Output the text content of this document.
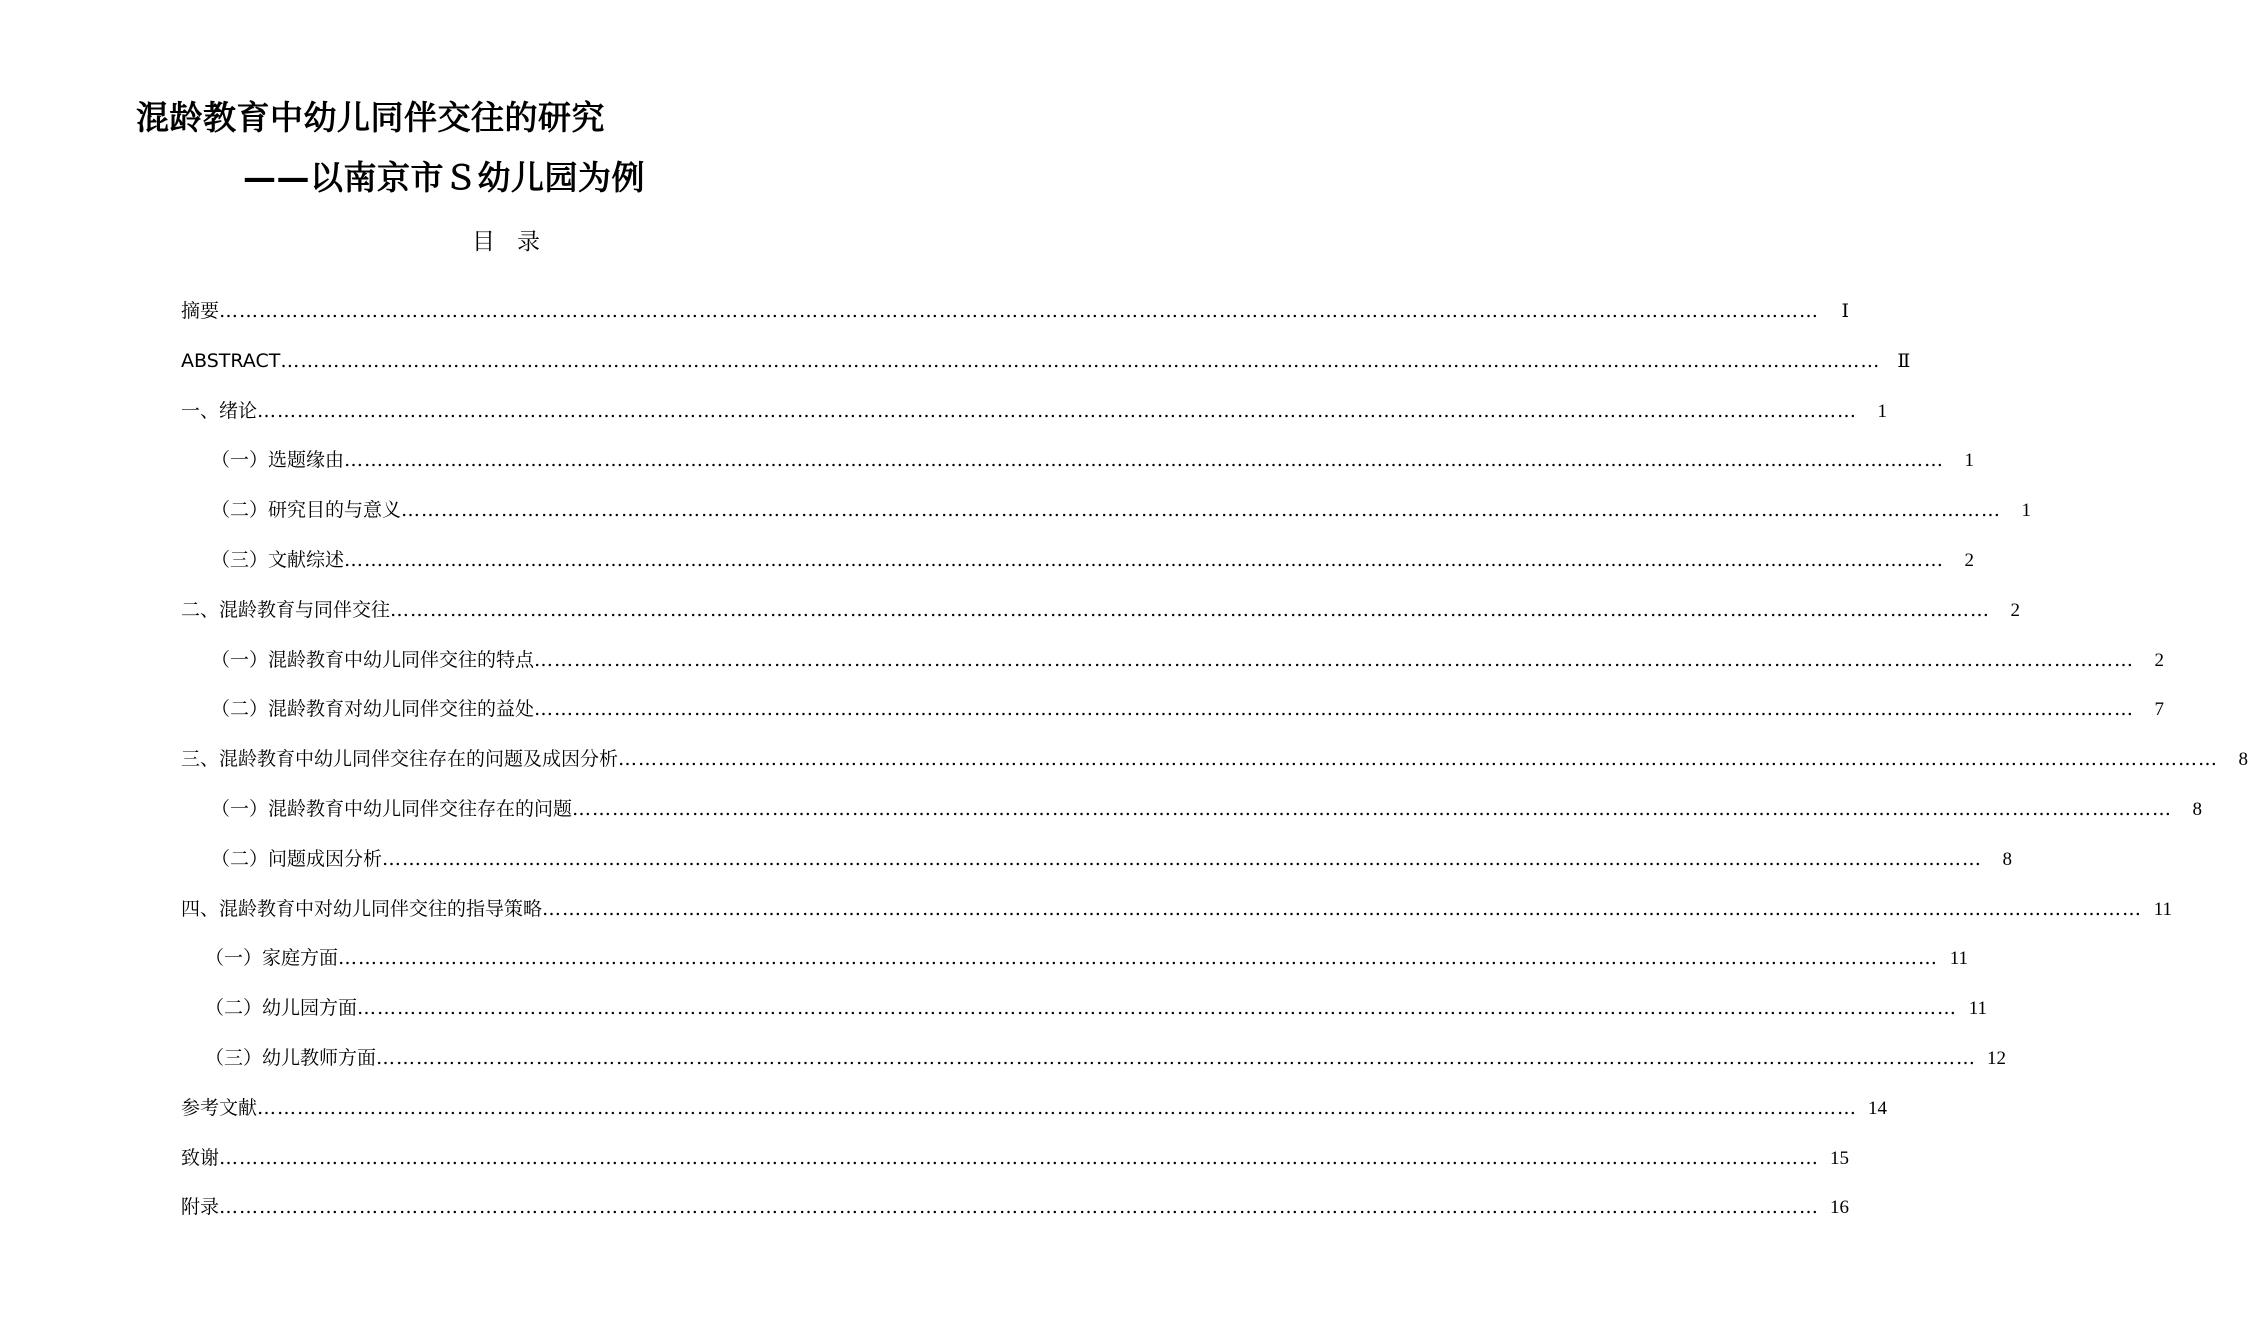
混龄教育中幼儿同伴交往的研究
——以南京市Ｓ幼儿园为例
目录
摘要 ……………………………………………………………………………………………………………………………………………………………………………………………………………………	Ⅰ
ABSTRACT …………………………………………………………………………………………………………………………………………………………………………………………………………………… Ⅱ
一、绪论 ……………………………………………………………………………………………………………………………………………………………………………………………………………………	1
（一）选题缘由 ……………………………………………………………………………………………………………………………………………………………………………………………………………………	1
（二）研究目的与意义 ……………………………………………………………………………………………………………………………………………………………………………………………………………………	1
（三）文献综述 ……………………………………………………………………………………………………………………………………………………………………………………………………………………	2
二、混龄教育与同伴交往 ……………………………………………………………………………………………………………………………………………………………………………………………………………………	2
（一）混龄教育中幼儿同伴交往的特点 ……………………………………………………………………………………………………………………………………………………………………………………………………………………	2
（二）混龄教育对幼儿同伴交往的益处 ……………………………………………………………………………………………………………………………………………………………………………………………………………………	7
三、混龄教育中幼儿同伴交往存在的问题及成因分析 ……………………………………………………………………………………………………………………………………………………………………………………………………………………	8
（一）混龄教育中幼儿同伴交往存在的问题 ……………………………………………………………………………………………………………………………………………………………………………………………………………………	8
（二）问题成因分析 ……………………………………………………………………………………………………………………………………………………………………………………………………………………	8
四、混龄教育中对幼儿同伴交往的指导策略 …………………………………………………………………………………………………………………………………………………………………………………………………………………… 11
（一）家庭方面 …………………………………………………………………………………………………………………………………………………………………………………………………………………… 11
（二）幼儿园方面 …………………………………………………………………………………………………………………………………………………………………………………………………………………… 11
（三）幼儿教师方面 …………………………………………………………………………………………………………………………………………………………………………………………………………………… 12
参考文献 …………………………………………………………………………………………………………………………………………………………………………………………………………………… 14
致谢 …………………………………………………………………………………………………………………………………………………………………………………………………………………… 15
附录 …………………………………………………………………………………………………………………………………………………………………………………………………………………… 16
